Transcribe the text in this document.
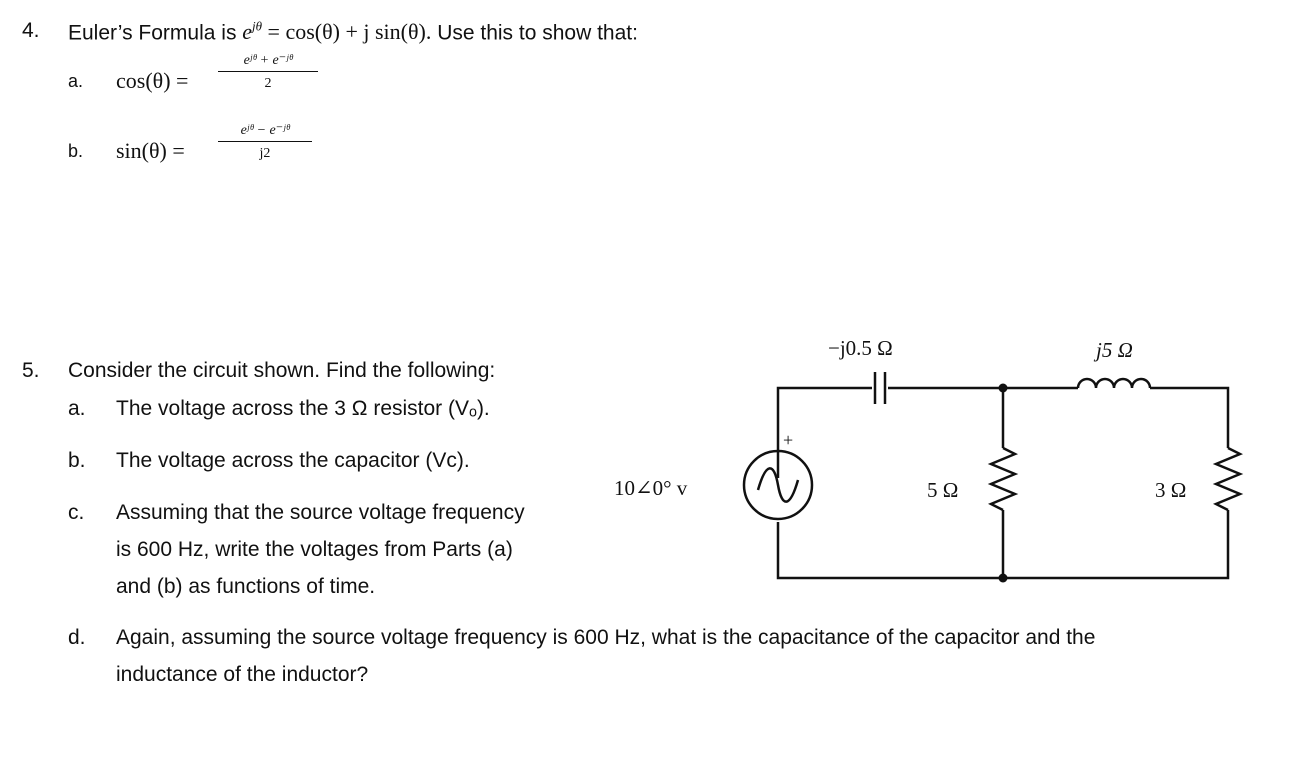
4. Euler’s Formula is $e^{j\theta} = \cos(\theta) + j$ sin(θ). Use this to show that:
a. cos(θ) =
eʲᶿ + e⁻ʲᶿ
2
b. sin(θ) =
eʲᶿ − e⁻ʲᶿ
j2
5. Consider the circuit shown. Find the following:
a. The voltage across the 3 Ω resistor (Vₒ).
b. The voltage across the capacitor (Vᴄ).
c. Assuming that the source voltage frequency
is 600 Hz, write the voltages from Parts (a)
and (b) as functions of time.
d. Again, assuming the source voltage frequency is 600 Hz, what is the capacitance of the capacitor and the
inductance of the inductor?
+
10∠0° v
−j0.5 Ω	j5 Ω
5 Ω	3 Ω
